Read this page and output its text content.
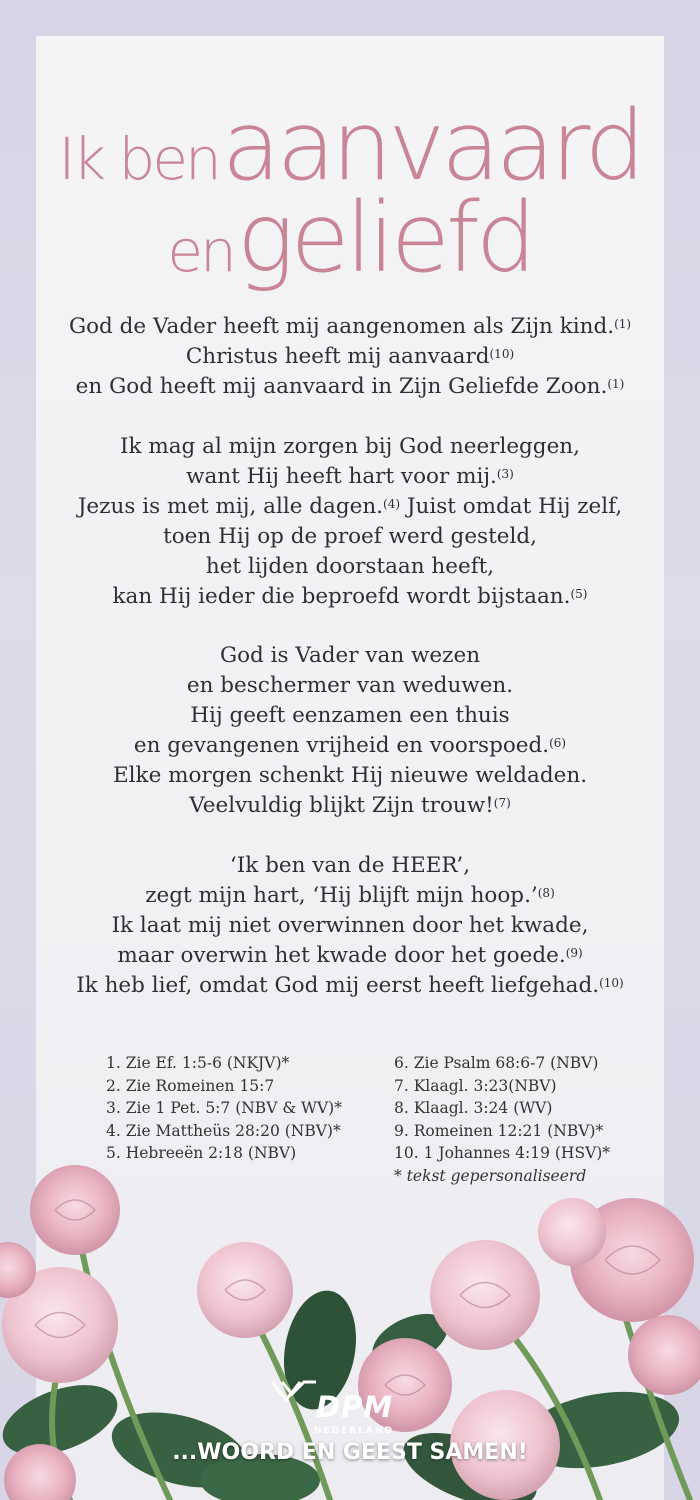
Ik ben aanvaard
en geliefd

God de Vader heeft mij aangenomen als Zijn kind.$^{(1)}$
Christus heeft mij aanvaard$^{(10)}$
en God heeft mij aanvaard in Zijn Geliefde Zoon.$^{(1)}$

Ik mag al mijn zorgen bij God neerleggen,
want Hij heeft hart voor mij.$^{(3)}$
Jezus is met mij, alle dagen.$^{(4)}$ Juist omdat Hij zelf,
toen Hij op de proef werd gesteld,
het lijden doorstaan heeft,
kan Hij ieder die beproefd wordt bijstaan.$^{(5)}$

God is Vader van wezen
en beschermer van weduwen.
Hij geeft eenzamen een thuis
en gevangenen vrijheid en voorspoed.$^{(6)}$
Elke morgen schenkt Hij nieuwe weldaden.
Veelvuldig blijkt Zijn trouw!$^{(7)}$

‘Ik ben van de HEER’,
zegt mijn hart, ‘Hij blijft mijn hoop.’$^{(8)}$
Ik laat mij niet overwinnen door het kwade,
maar overwin het kwade door het goede.$^{(9)}$
Ik heb lief, omdat God mij eerst heeft liefgehad.$^{(10)}$

1. Zie Ef. 1:5-6 (NKJV)*
2. Zie Romeinen 15:7
3. Zie 1 Pet. 5:7 (NBV & WV)*
4. Zie Mattheüs 28:20 (NBV)*
5. Hebreeën 2:18 (NBV)
6. Zie Psalm 68:6-7 (NBV)
7. Klaagl. 3:23(NBV)
8. Klaagl. 3:24 (WV)
9. Romeinen 12:21 (NBV)*
10. 1 Johannes 4:19 (HSV)*
* tekst gepersonaliseerd
DPM
NEDERLAND
...WOORD EN GEEST SAMEN!
